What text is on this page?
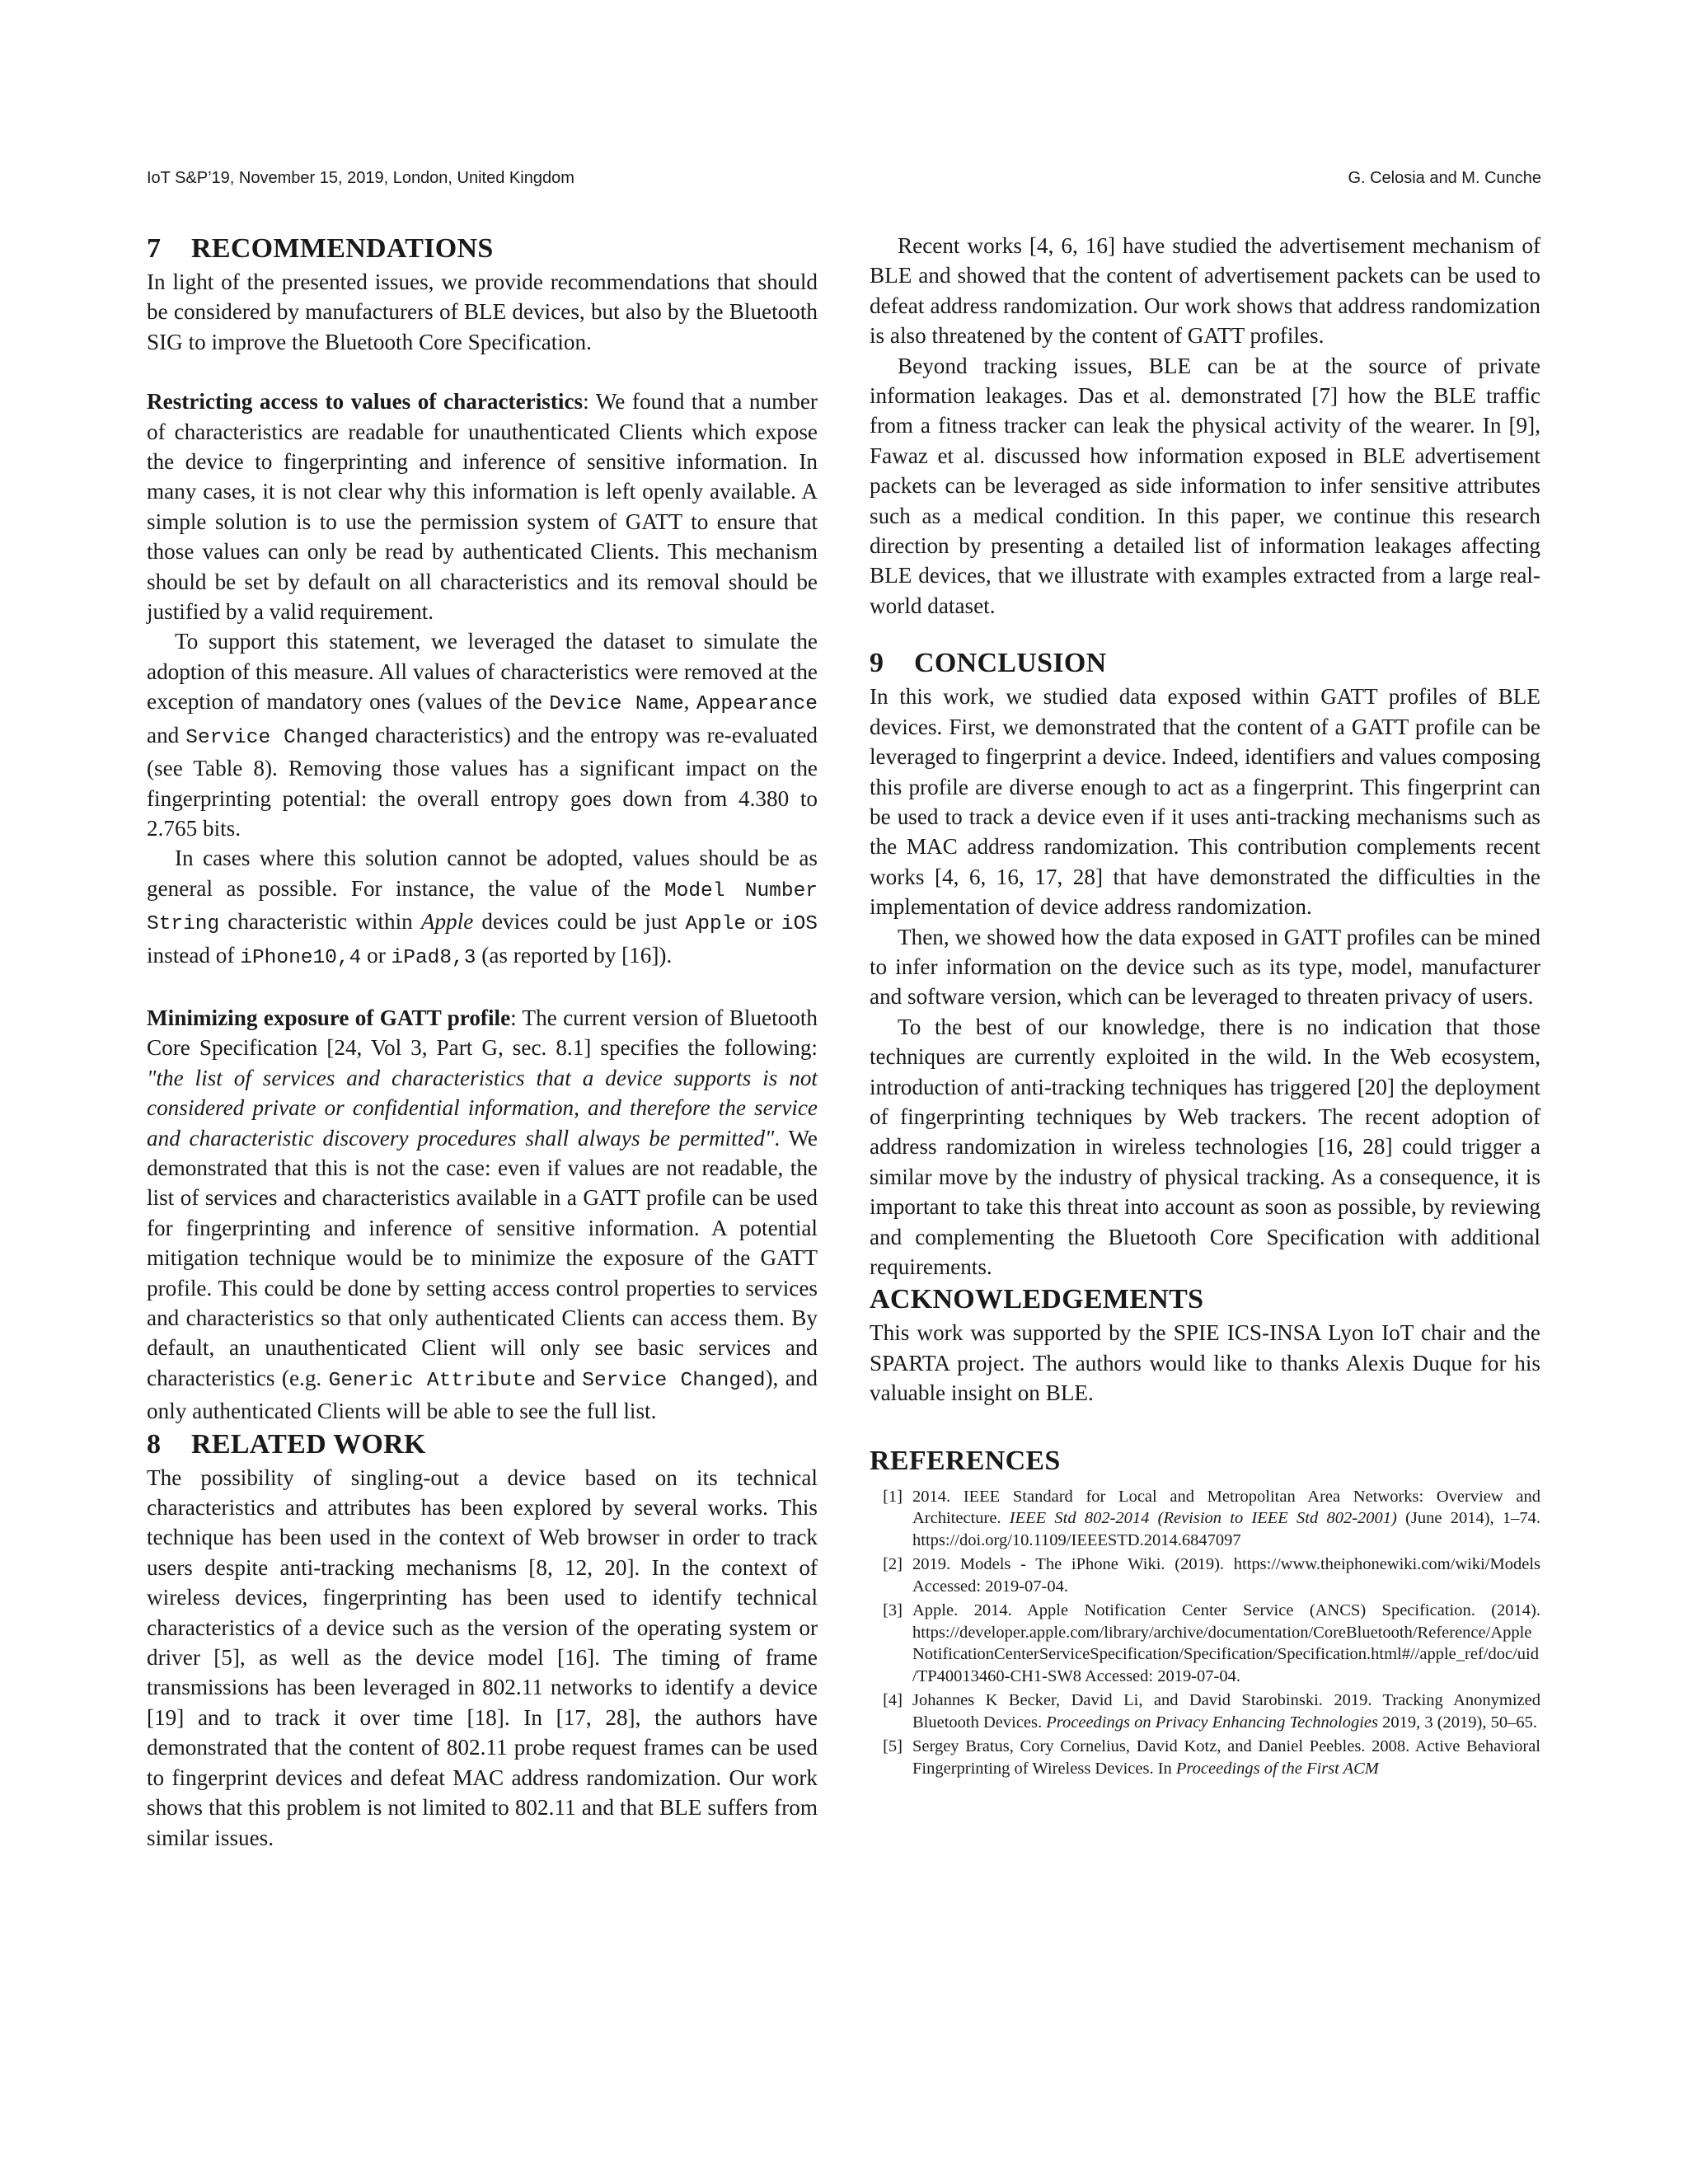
IoT S&P’19, November 15, 2019, London, United Kingdom	G. Celosia and M. Cunche
7 RECOMMENDATIONS

In light of the presented issues, we provide recommendations that should be considered by manufacturers of BLE devices, but also by the Bluetooth SIG to improve the Bluetooth Core Specification.

Restricting access to values of characteristics: We found that a number of characteristics are readable for unauthenticated Clients which expose the device to fingerprinting and inference of sensitive information. In many cases, it is not clear why this information is left openly available. A simple solution is to use the permission system of GATT to ensure that those values can only be read by authenticated Clients. This mechanism should be set by default on all characteristics and its removal should be justified by a valid requirement.

To support this statement, we leveraged the dataset to simulate the adoption of this measure. All values of characteristics were removed at the exception of mandatory ones (values of the Device Name, Appearance and Service Changed characteristics) and the entropy was re-evaluated (see Table 8). Removing those values has a significant impact on the fingerprinting potential: the overall entropy goes down from 4.380 to 2.765 bits.

In cases where this solution cannot be adopted, values should be as general as possible. For instance, the value of the Model Number String characteristic within Apple devices could be just Apple or iOS instead of iPhone10,4 or iPad8,3 (as reported by [16]).

Minimizing exposure of GATT profile: The current version of Bluetooth Core Specification [24, Vol 3, Part G, sec. 8.1] specifies the following: "the list of services and characteristics that a device supports is not considered private or confidential information, and therefore the service and characteristic discovery procedures shall always be permitted". We demonstrated that this is not the case: even if values are not readable, the list of services and characteristics available in a GATT profile can be used for fingerprinting and inference of sensitive information. A potential mitigation technique would be to minimize the exposure of the GATT profile. This could be done by setting access control properties to services and characteristics so that only authenticated Clients can access them. By default, an unauthenticated Client will only see basic services and characteristics (e.g. Generic Attribute and Service Changed), and only authenticated Clients will be able to see the full list.

8 RELATED WORK

The possibility of singling-out a device based on its technical characteristics and attributes has been explored by several works. This technique has been used in the context of Web browser in order to track users despite anti-tracking mechanisms [8, 12, 20]. In the context of wireless devices, fingerprinting has been used to identify technical characteristics of a device such as the version of the operating system or driver [5], as well as the device model [16]. The timing of frame transmissions has been leveraged in 802.11 networks to identify a device [19] and to track it over time [18]. In [17, 28], the authors have demonstrated that the content of 802.11 probe request frames can be used to fingerprint devices and defeat MAC address randomization. Our work shows that this problem is not limited to 802.11 and that BLE suffers from similar issues.

Recent works [4, 6, 16] have studied the advertisement mechanism of BLE and showed that the content of advertisement packets can be used to defeat address randomization. Our work shows that address randomization is also threatened by the content of GATT profiles.

Beyond tracking issues, BLE can be at the source of private information leakages. Das et al. demonstrated [7] how the BLE traffic from a fitness tracker can leak the physical activity of the wearer. In [9], Fawaz et al. discussed how information exposed in BLE advertisement packets can be leveraged as side information to infer sensitive attributes such as a medical condition. In this paper, we continue this research direction by presenting a detailed list of information leakages affecting BLE devices, that we illustrate with examples extracted from a large real-world dataset.

9 CONCLUSION

In this work, we studied data exposed within GATT profiles of BLE devices. First, we demonstrated that the content of a GATT profile can be leveraged to fingerprint a device. Indeed, identifiers and values composing this profile are diverse enough to act as a fingerprint. This fingerprint can be used to track a device even if it uses anti-tracking mechanisms such as the MAC address randomization. This contribution complements recent works [4, 6, 16, 17, 28] that have demonstrated the difficulties in the implementation of device address randomization.

Then, we showed how the data exposed in GATT profiles can be mined to infer information on the device such as its type, model, manufacturer and software version, which can be leveraged to threaten privacy of users.

To the best of our knowledge, there is no indication that those techniques are currently exploited in the wild. In the Web ecosystem, introduction of anti-tracking techniques has triggered [20] the deployment of fingerprinting techniques by Web trackers. The recent adoption of address randomization in wireless technologies [16, 28] could trigger a similar move by the industry of physical tracking. As a consequence, it is important to take this threat into account as soon as possible, by reviewing and complementing the Bluetooth Core Specification with additional requirements.

ACKNOWLEDGEMENTS

This work was supported by the SPIE ICS-INSA Lyon IoT chair and the SPARTA project. The authors would like to thanks Alexis Duque for his valuable insight on BLE.

REFERENCES
[1] 2014. IEEE Standard for Local and Metropolitan Area Networks: Overview and Architecture. IEEE Std 802-2014 (Revision to IEEE Std 802-2001) (June 2014), 1–74. https://doi.org/10.1109/IEEESTD.2014.6847097
[2] 2019. Models - The iPhone Wiki. (2019). https://www.theiphonewiki.com/wiki/Models Accessed: 2019-07-04.
[3] Apple. 2014. Apple Notification Center Service (ANCS) Specification. (2014). https://developer.apple.com/library/archive/documentation/CoreBluetooth/Reference/AppleNotificationCenterServiceSpecification/Specification/Specification.html#//apple_ref/doc/uid/TP40013460-CH1-SW8 Accessed: 2019-07-04.
[4] Johannes K Becker, David Li, and David Starobinski. 2019. Tracking Anonymized Bluetooth Devices. Proceedings on Privacy Enhancing Technologies 2019, 3 (2019), 50–65.
[5] Sergey Bratus, Cory Cornelius, David Kotz, and Daniel Peebles. 2008. Active Behavioral Fingerprinting of Wireless Devices. In Proceedings of the First ACM
